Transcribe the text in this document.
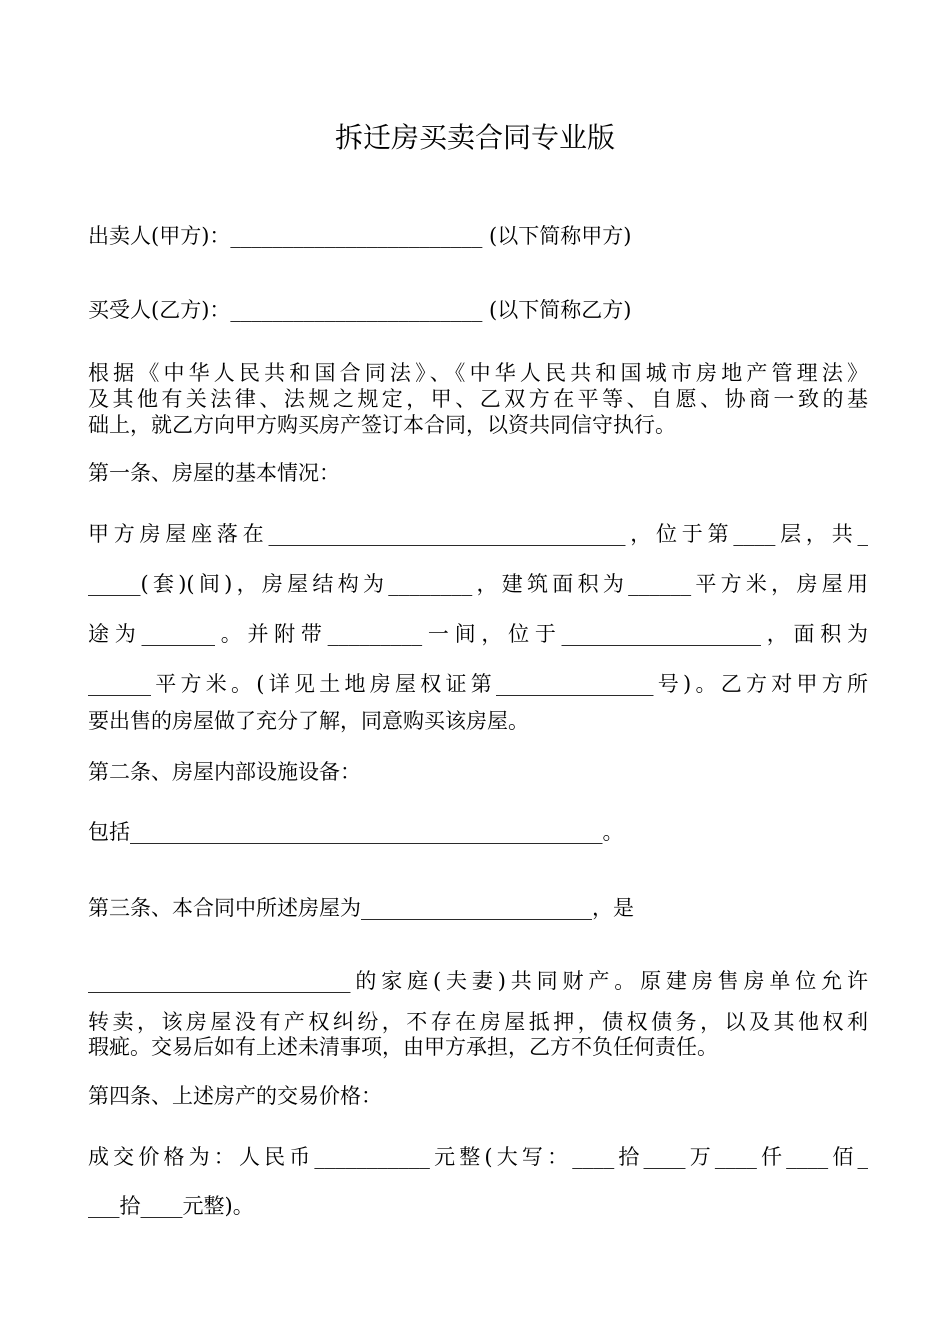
拆迁房买卖合同专业版
出卖人(甲方)：________________________ (以下简称甲方)
买受人(乙方)：________________________ (以下简称乙方)
根据《中华人民共和国合同法》、《中华人民共和国城市房地产管理法》
及其他有关法律、法规之规定，甲、乙双方在平等、自愿、协商一致的基
础上，就乙方向甲方购买房产签订本合同，以资共同信守执行。
第一条、房屋的基本情况：
甲方房屋座落在__________________________________，位于第____层，共_
_____(套)(间)，房屋结构为________，建筑面积为______平方米，房屋用
途为_______。并附带_________一间，位于___________________，面积为
______平方米。(详见土地房屋权证第_______________号)。乙方对甲方所
要出售的房屋做了充分了解，同意购买该房屋。
第二条、房屋内部设施设备：
包括_____________________________________________。
第三条、本合同中所述房屋为______________________，是
_________________________的家庭(夫妻)共同财产。原建房售房单位允许
转卖，该房屋没有产权纠纷，不存在房屋抵押，债权债务，以及其他权利
瑕疵。交易后如有上述未清事项，由甲方承担，乙方不负任何责任。
第四条、上述房产的交易价格：
成交价格为：人民币___________元整(大写：____拾____万____仟____佰_
___拾____元整)。
